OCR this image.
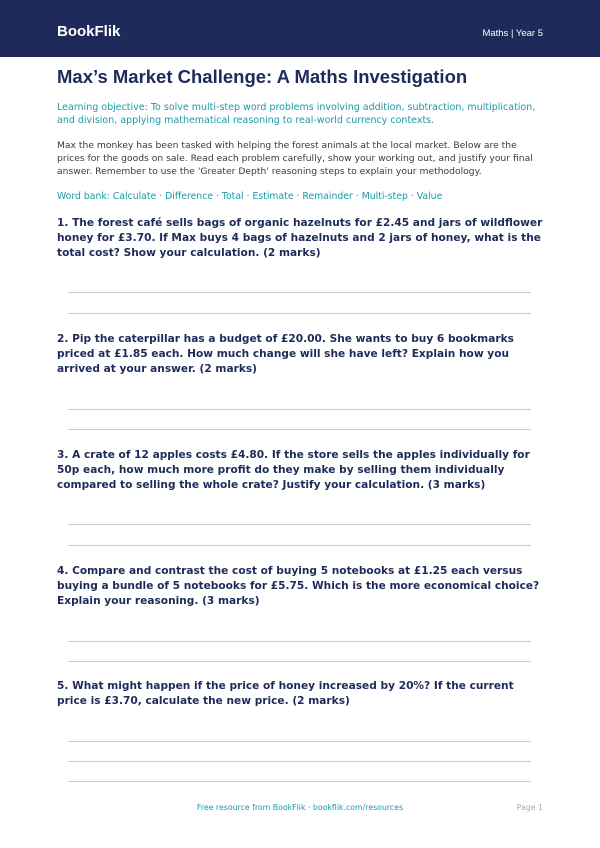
BookFlik	Maths | Year 5
Max’s Market Challenge: A Maths Investigation
Learning objective: To solve multi-step word problems involving addition, subtraction, multiplication, and division, applying mathematical reasoning to real-world currency contexts.
Max the monkey has been tasked with helping the forest animals at the local market. Below are the prices for the goods on sale. Read each problem carefully, show your working out, and justify your final answer. Remember to use the 'Greater Depth' reasoning steps to explain your methodology.
Word bank: Calculate · Difference · Total · Estimate · Remainder · Multi-step · Value
1. The forest café sells bags of organic hazelnuts for £2.45 and jars of wildflower honey for £3.70. If Max buys 4 bags of hazelnuts and 2 jars of honey, what is the total cost? Show your calculation. (2 marks)
2. Pip the caterpillar has a budget of £20.00. She wants to buy 6 bookmarks priced at £1.85 each. How much change will she have left? Explain how you arrived at your answer. (2 marks)
3. A crate of 12 apples costs £4.80. If the store sells the apples individually for 50p each, how much more profit do they make by selling them individually compared to selling the whole crate? Justify your calculation. (3 marks)
4. Compare and contrast the cost of buying 5 notebooks at £1.25 each versus buying a bundle of 5 notebooks for £5.75. Which is the more economical choice? Explain your reasoning. (3 marks)
5. What might happen if the price of honey increased by 20%? If the current price is £3.70, calculate the new price. (2 marks)
Free resource from BookFlik · bookflik.com/resources	Page 1
